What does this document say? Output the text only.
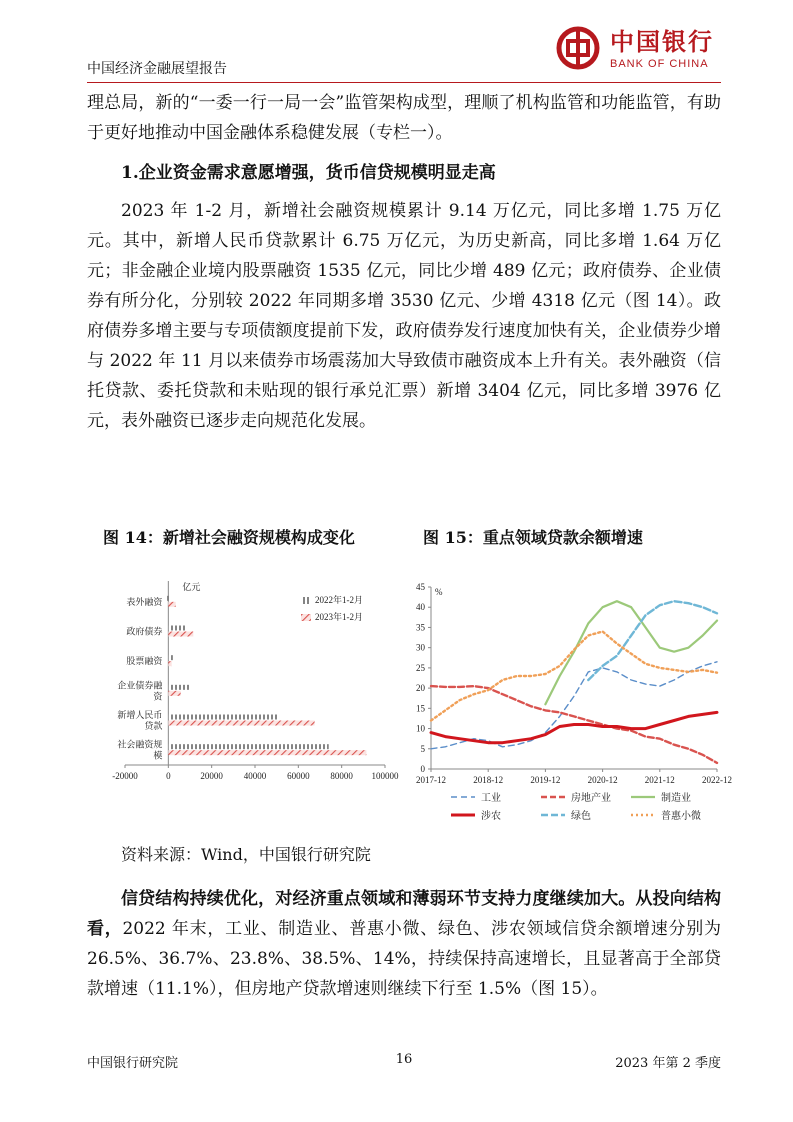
中国经济金融展望报告
中国银行
BANK OF CHINA

理总局，新的“一委一行一局一会”监管架构成型，理顺了机构监管和功能监管，有助于更好地推动中国金融体系稳健发展（专栏一）。

1.企业资金需求意愿增强，货币信贷规模明显走高

2023 年 1-2 月，新增社会融资规模累计 9.14 万亿元，同比多增 1.75 万亿元。其中，新增人民币贷款累计 6.75 万亿元，为历史新高，同比多增 1.64 万亿元；非金融企业境内股票融资 1535 亿元，同比少增 489 亿元；政府债券、企业债券有所分化，分别较 2022 年同期多增 3530 亿元、少增 4318 亿元（图 14）。政府债券多增主要与专项债额度提前下发，政府债券发行速度加快有关，企业债券少增与 2022 年 11 月以来债券市场震荡加大导致债市融资成本上升有关。表外融资（信托贷款、委托贷款和未贴现的银行承兑汇票）新增 3404 亿元，同比多增 3976 亿元，表外融资已逐步走向规范化发展。

图 14：新增社会融资规模构成变化	图 15：重点领域贷款余额增速
-20000	0	20000 40000 60000 80000 100000
亿元
表外融资
政府债券
股票融资
企业债券融
资
新增人民币
贷款
社会融资规
模
2022年1-2月
2023年1-2月
0
5
10
15
20
25
30
35
40
45 %
2017-12	2018-12	2019-12	2020-12	2021-12	2022-12
工业	房地产业	制造业
涉农	绿色	普惠小微
资料来源：Wind，中国银行研究院

信贷结构持续优化，对经济重点领域和薄弱环节支持力度继续加大。从投向结构看，2022 年末，工业、制造业、普惠小微、绿色、涉农领域信贷余额增速分别为 26.5%、36.7%、23.8%、38.5%、14%，持续保持高速增长，且显著高于全部贷款增速（11.1%），但房地产贷款增速则继续下行至 1.5%（图 15）。

中国银行研究院	16	2023 年第 2 季度
